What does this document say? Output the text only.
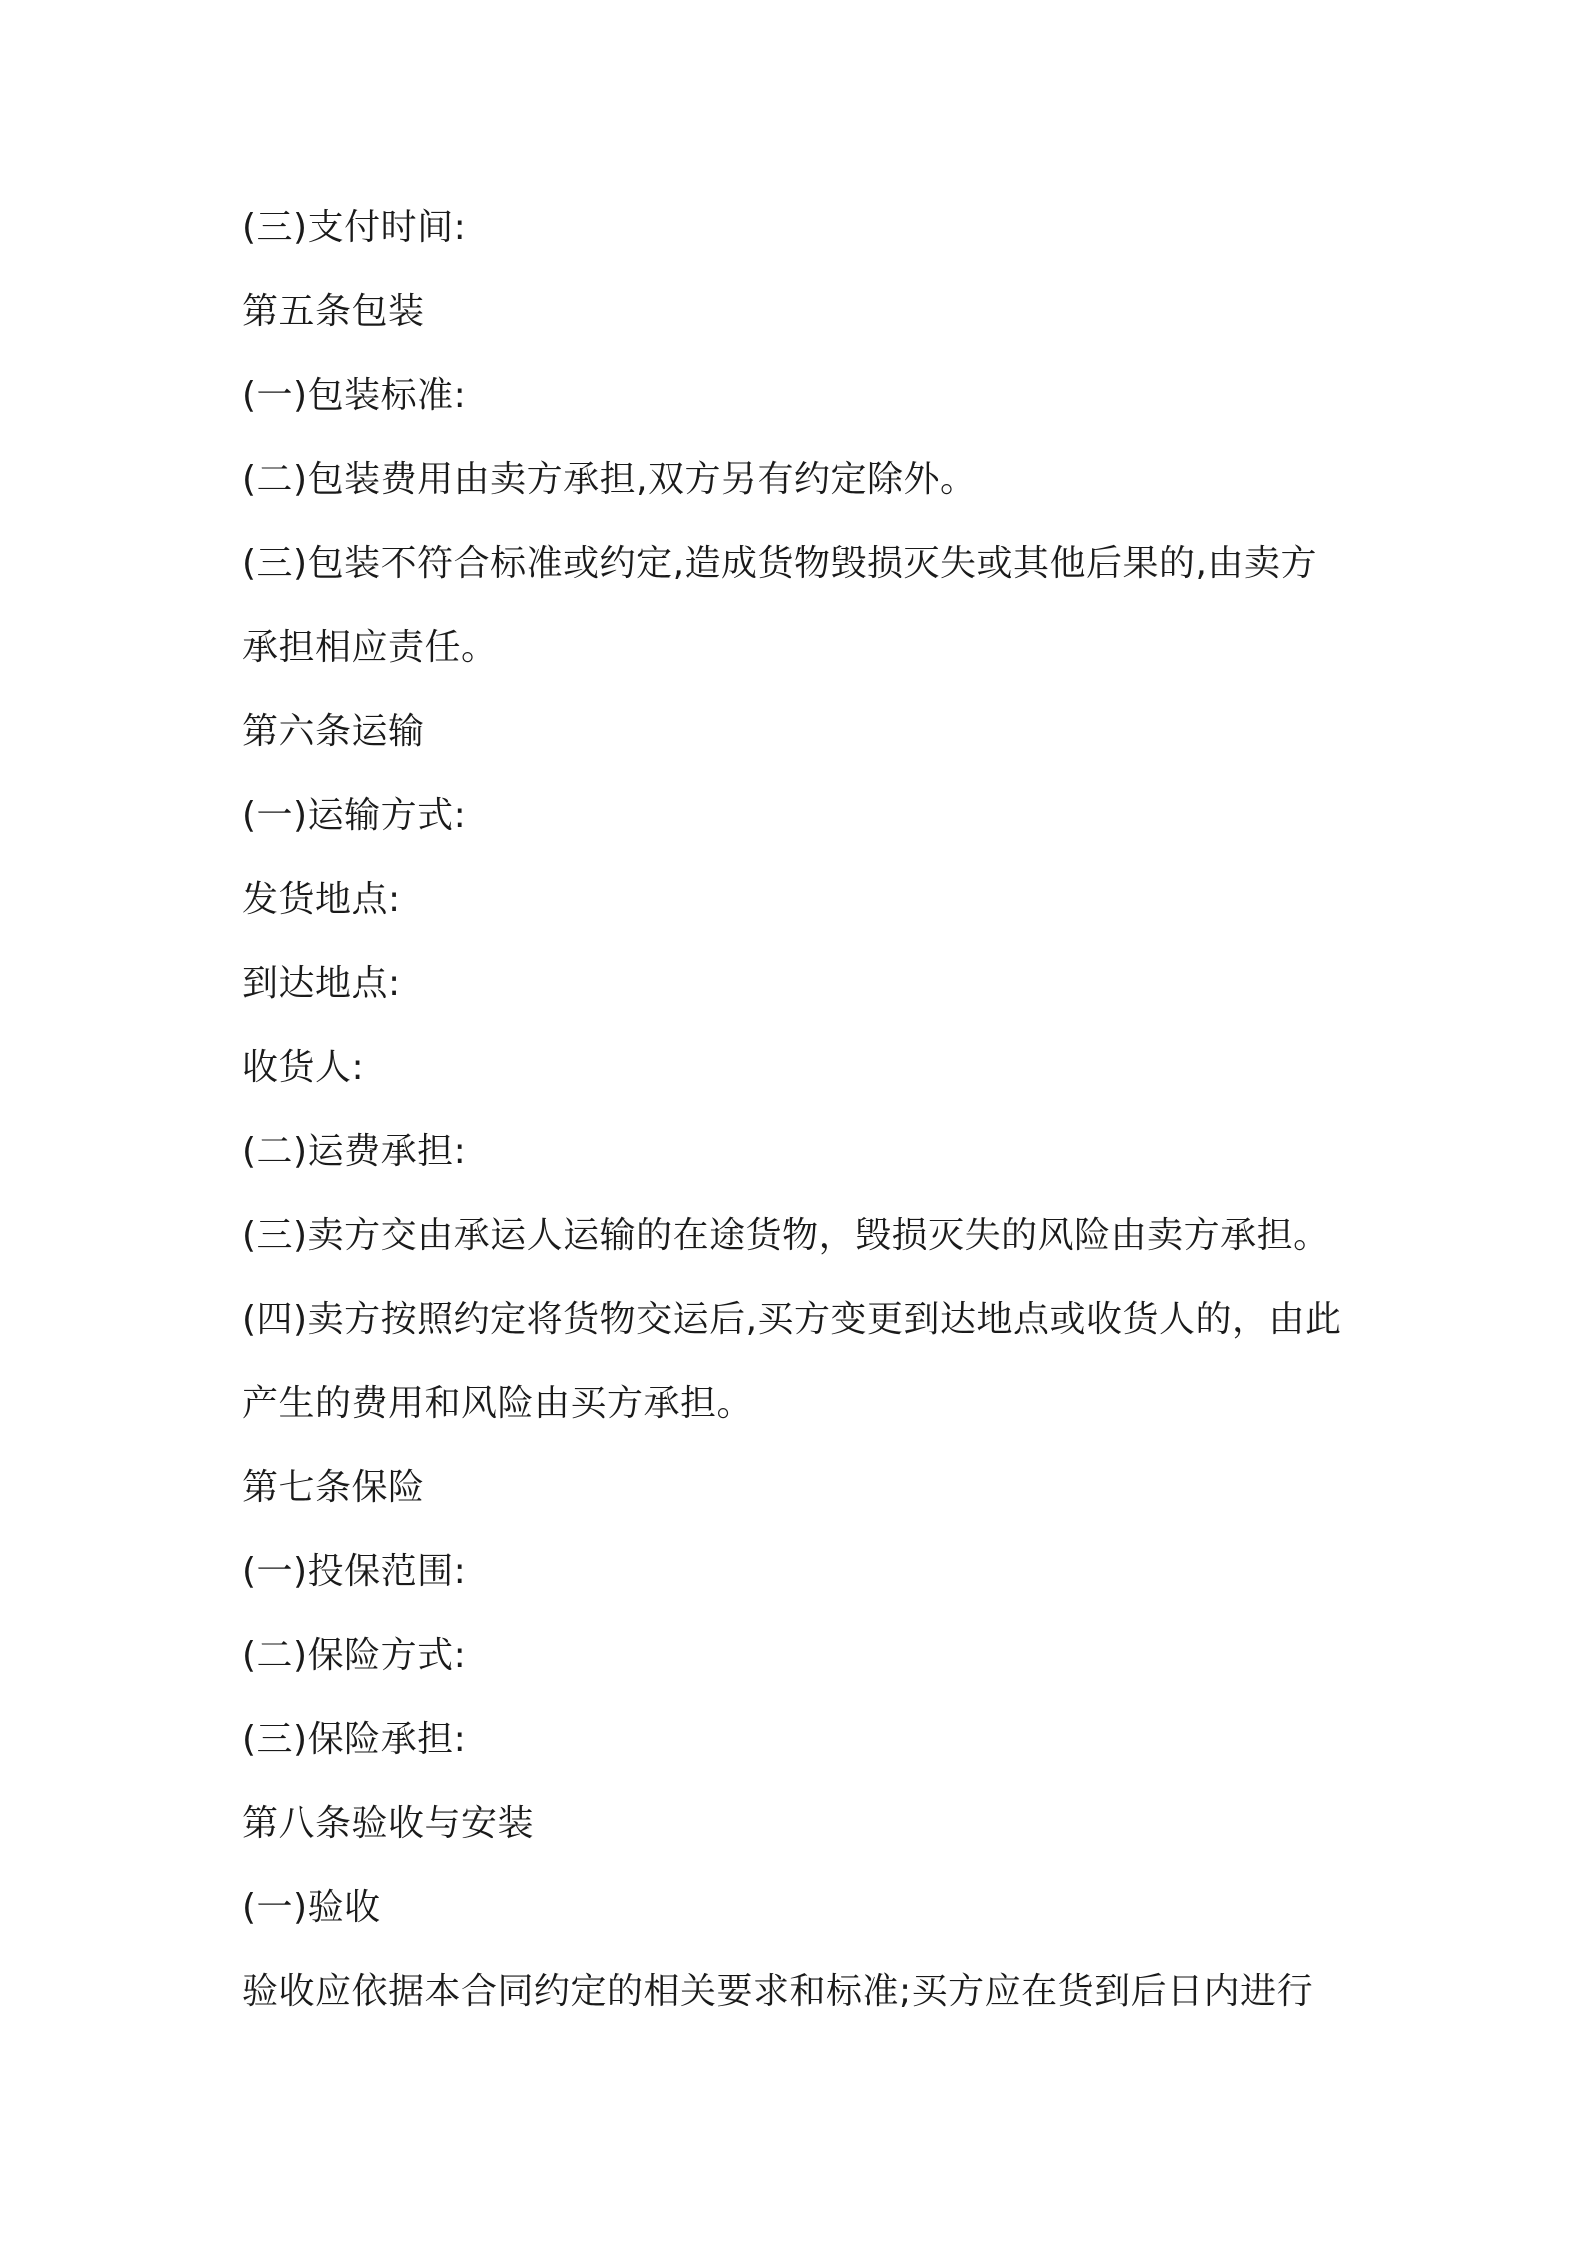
(三)支付时间:
第五条包装
(一)包装标准:
(二)包装费用由卖方承担,双方另有约定除外。
(三)包装不符合标准或约定,造成货物毁损灭失或其他后果的,由卖方
承担相应责任。
第六条运输
(一)运输方式:
发货地点:
到达地点:
收货人:
(二)运费承担:
(三)卖方交由承运人运输的在途货物，毁损灭失的风险由卖方承担。
(四)卖方按照约定将货物交运后,买方变更到达地点或收货人的，由此
产生的费用和风险由买方承担。
第七条保险
(一)投保范围:
(二)保险方式:
(三)保险承担:
第八条验收与安装
(一)验收
验收应依据本合同约定的相关要求和标准;买方应在货到后日内进行
